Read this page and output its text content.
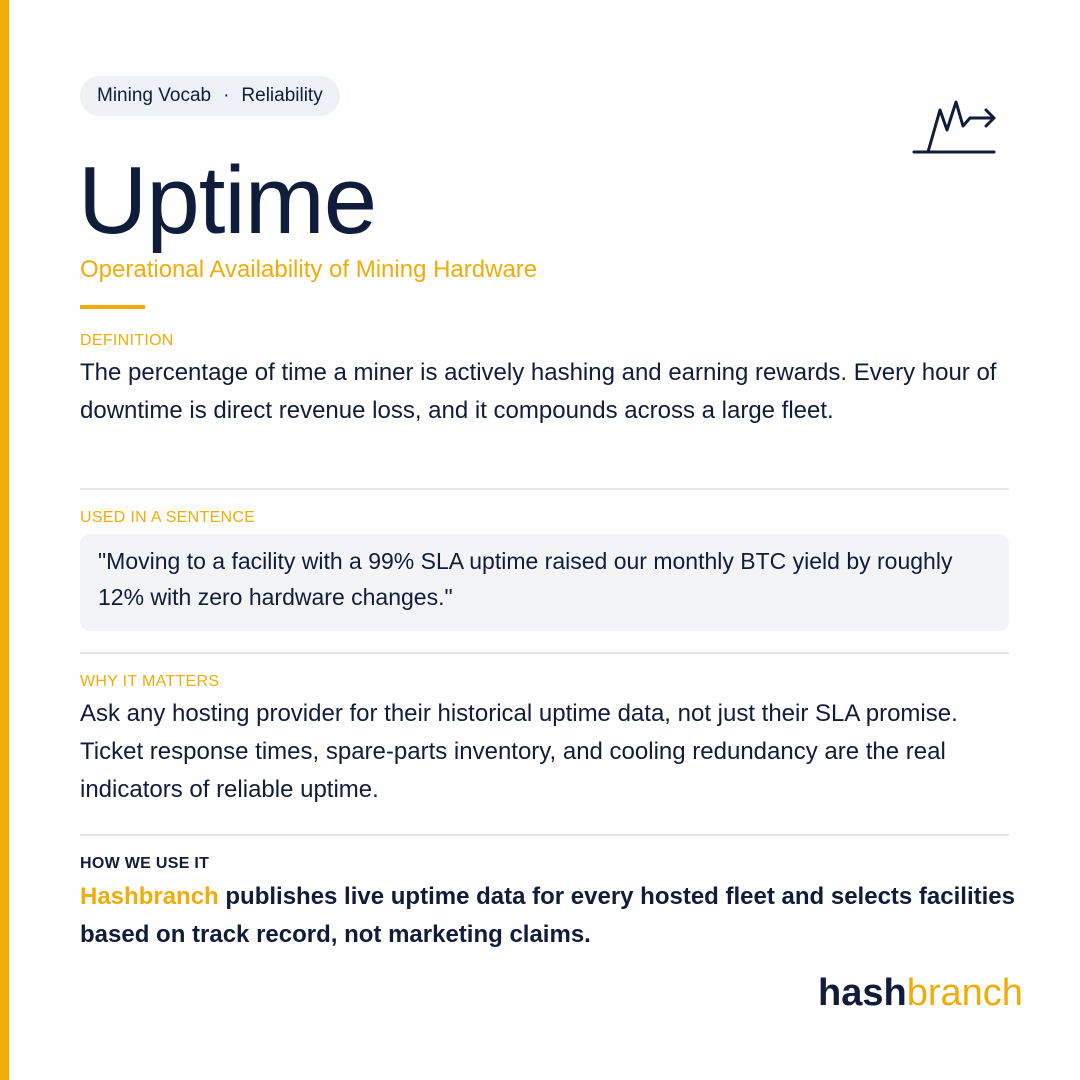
Mining Vocab · Reliability
Uptime
Operational Availability of Mining Hardware
DEFINITION
The percentage of time a miner is actively hashing and earning rewards. Every hour of downtime is direct revenue loss, and it compounds across a large fleet.
USED IN A SENTENCE
"Moving to a facility with a 99% SLA uptime raised our monthly BTC yield by roughly 12% with zero hardware changes."
WHY IT MATTERS
Ask any hosting provider for their historical uptime data, not just their SLA promise. Ticket response times, spare-parts inventory, and cooling redundancy are the real indicators of reliable uptime.
HOW WE USE IT
Hashbranch publishes live uptime data for every hosted fleet and selects facilities based on track record, not marketing claims.
hashbranch
